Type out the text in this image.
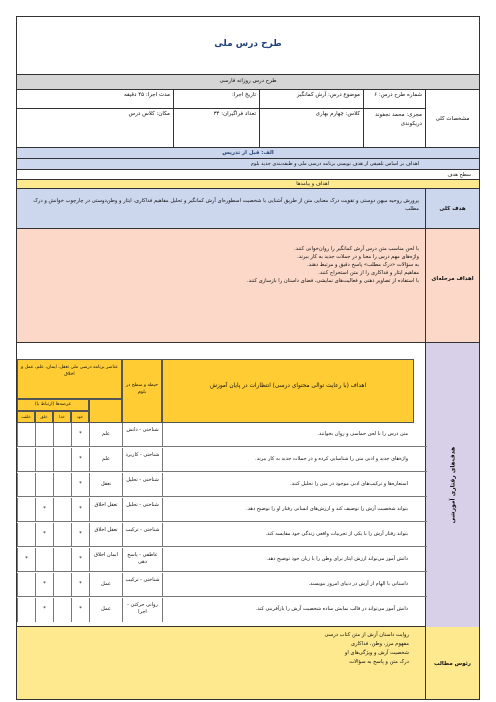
طرح درس ملی
طرح درس روزانه فارسی
مشخصات کلی
شماره طرح درس: ۶
موضوع درس: آرش کمانگیر
تاریخ اجرا:
مدت اجرا: ۴۵ دقیقه
مجری: محمد نجفوند دریکوندی
کلاس: چهارم بهاری
تعداد فراگیران: ۳۴
مکان: کلاس درس
الف: قبل از تدریس
اهداف بر اساس تلفیقی از هدف نویسی برنامه درسی ملی و طبقه‌بندی جدید بلوم
سطح هدف
اهداف و پیامدها
هدف کلی
پرورش روحیه میهن دوستی و تقویت درک معنایی متن از طریق آشنایی با شخصیت اسطوره‌ای آرش کمانگیر و تحلیل مفاهیم فداکاری، ایثار و وطن‌دوستی در چارچوب خوانش و درک مطلب
اهداف مرحله‌ای
با لحن مناسب متن درس آرش کمانگیر را روان‌خوانی کنند.
واژه‌های مهم درس را معنا و در جملات جدید به کار ببرند.
به سؤالات «درک مطلب» پاسخ دقیق و مرتبط دهند.
مفاهیم ایثار و فداکاری را از متن استخراج کنند.
با استفاده از تصاویر ذهنی و فعالیت‌های نمایشی، فضای داستان را بازسازی کنند.
هدف‌های رفتاری آموزشی
اهداف (با رعایت توالی محتوای درسی) انتظارات در پایان آموزش
حیطه و سطح در بلوم
عناصر برنامه درسی ملی تعقل، ایمان، علم، عمل و اخلاق
عرصه‌ها (ارتباط با)
خود
خدا
خلق
خلقت
متن درس را با لحن حماسی و روان بخوانند.
شناختی - دانش
علم
*
واژه‌های جدید و ادبی متن را شناسایی کرده و در جملات جدید به کار ببرند.
شناختی - کاربرد
علم
*
استعاره‌ها و ترکیب‌های ادبی موجود در متن را تحلیل کنند.
شناختی - تحلیل
تعقل
*
بتواند شخصیت آرش را توصیف کند و ارزش‌های انسانی رفتار او را توضیح دهد.
شناختی - تحلیل
تعقل اخلاق
*
*
بتواند رفتار آرش را با یکی از تجربیات واقعی زندگی خود مقایسه کند.
شناختی - ترکیب
تعقل اخلاق
*
*
دانش آموز می‌تواند ارزش ایثار برای وطن را با زبان خود توضیح دهد.
عاطفی - پاسخ دهی
ایمان اخلاق
*
*
داستانی با الهام از آرش در دنیای امروز بنویسند.
شناختی - ترکیب
عمل
*
*
دانش آموز می‌تواند در قالب نمایش ساده شخصیت آرش را بازآفرینی کند.
روانی حرکتی - اجرا
عمل
*
*
رئوس مطالب
روایت داستان آرش از متن کتاب درسی
مفهوم مرز، وطن، فداکاری
شخصیت آرش و ویژگی‌های او
درک متن و پاسخ به سؤالات
